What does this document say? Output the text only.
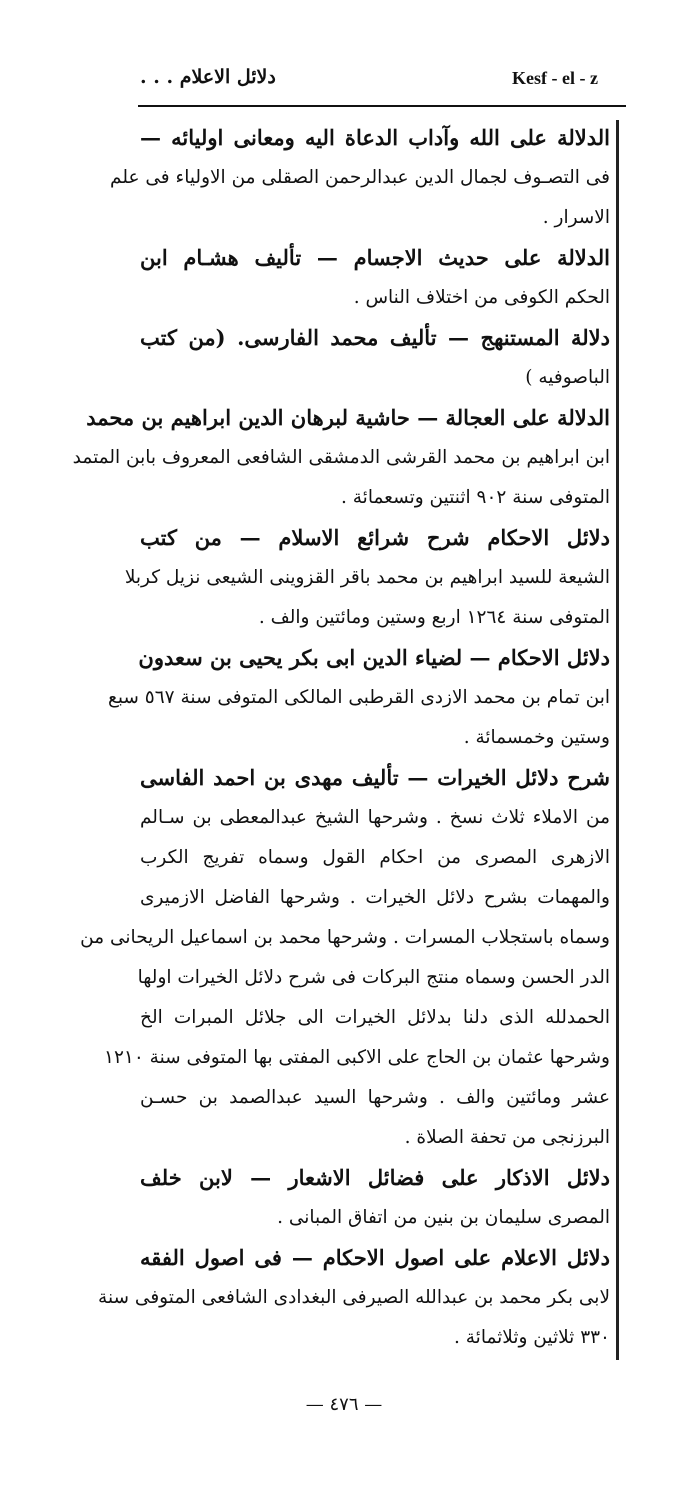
دلائل الاعلام . . .	Kesf - el - z
الدلالة على الله وآداب الدعاة اليه ومعانى اوليائه —
فى التصـوف لجمال الدين عبدالرحمن الصقلى من الاولياء فى علم
الاسرار .
الدلالة على حديث الاجسام — تأليف هشـام ابن
الحكم الكوفى من اختلاف الناس .
دلالة المستنهج — تأليف محمد الفارسى. (من كتب
الباصوفيه )
الدلالة على العجالة — حاشية لبرهان الدين ابراهيم بن محمد
ابن ابراهيم بن محمد القرشى الدمشقى الشافعى المعروف بابن المتمد
المتوفى سنة ٩٠٢ اثنتين وتسعمائة .
دلائل الاحكام شرح شرائع الاسلام — من كتب
الشيعة للسيد ابراهيم بن محمد باقر القزوينى الشيعى نزيل كربلا
المتوفى سنة ١٢٦٤ اربع وستين ومائتين والف .
دلائل الاحكام — لضياء الدين ابى بكر يحيى بن سعدون
ابن تمام بن محمد الازدى القرطبى المالكى المتوفى سنة ٥٦٧ سبع
وستين وخمسمائة .
شرح دلائل الخيرات — تأليف مهدى بن احمد الفاسى
من الاملاء ثلاث نسخ . وشرحها الشيخ عبدالمعطى بن سـالم
الازهرى المصرى من احكام القول وسماه تفريج الكرب
والمهمات بشرح دلائل الخيرات . وشرحها الفاضل الازميرى
وسماه باستجلاب المسرات . وشرحها محمد بن اسماعيل الريحانى من
الدر الحسن وسماه منتج البركات فى شرح دلائل الخيرات اولها
الحمدلله الذى دلنا بدلائل الخيرات الى جلائل المبرات الخ
وشرحها عثمان بن الحاج على الاكبى المفتى بها المتوفى سنة ١٢١٠
عشر ومائتين والف . وشرحها السيد عبدالصمد بن حسـن
البرزنجى من تحفة الصلاة .
دلائل الاذكار على فضائل الاشعار — لابن خلف
المصرى سليمان بن بنين من اتفاق المبانى .
دلائل الاعلام على اصول الاحكام — فى اصول الفقه
لابى بكر محمد بن عبدالله الصيرفى البغدادى الشافعى المتوفى سنة
٣٣٠ ثلاثين وثلاثمائة .
— ٤٧٦ —
